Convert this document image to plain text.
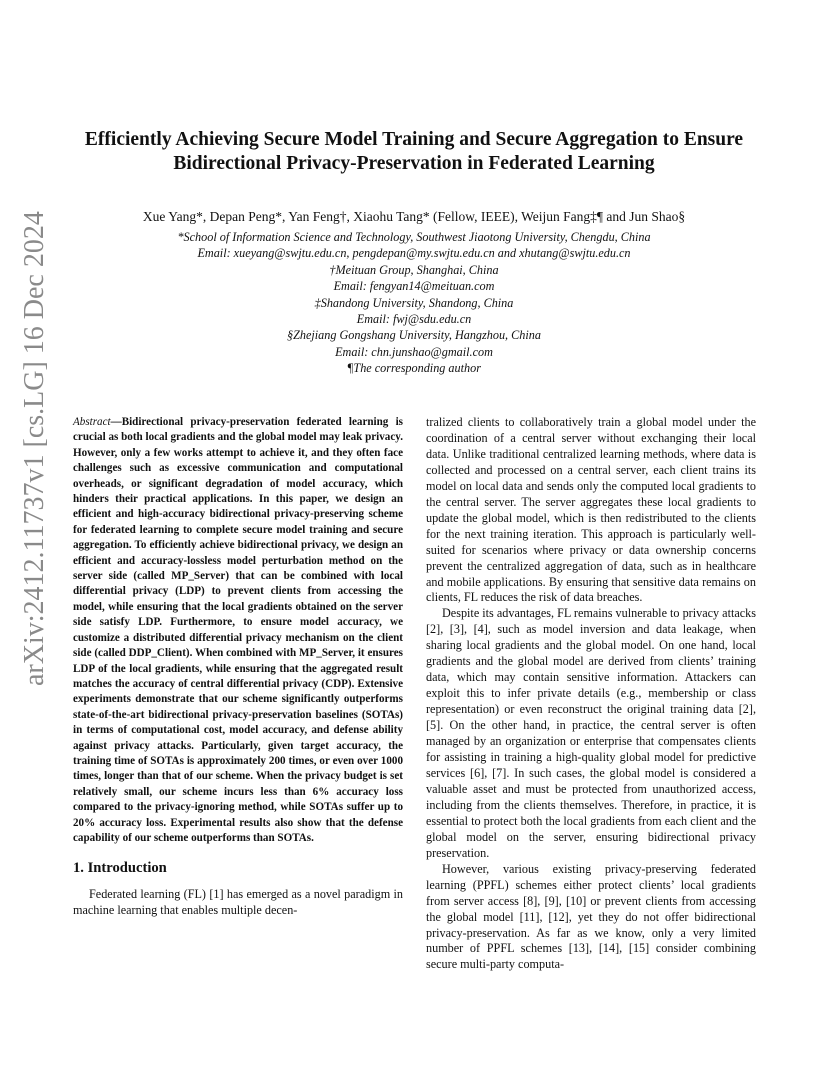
arXiv:2412.11737v1 [cs.LG] 16 Dec 2024
Efficiently Achieving Secure Model Training and Secure Aggregation to Ensure
Bidirectional Privacy-Preservation in Federated Learning
Xue Yang*, Depan Peng*, Yan Feng†, Xiaohu Tang* (Fellow, IEEE), Weijun Fang‡¶ and Jun Shao§
*School of Information Science and Technology, Southwest Jiaotong University, Chengdu, China
Email: xueyang@swjtu.edu.cn, pengdepan@my.swjtu.edu.cn and xhutang@swjtu.edu.cn
†Meituan Group, Shanghai, China
Email: fengyan14@meituan.com
‡Shandong University, Shandong, China
Email: fwj@sdu.edu.cn
§Zhejiang Gongshang University, Hangzhou, China
Email: chn.junshao@gmail.com
¶The corresponding author
Abstract—Bidirectional privacy-preservation federated learning is crucial as both local gradients and the global model may leak privacy. However, only a few works attempt to achieve it, and they often face challenges such as excessive communication and computational overheads, or significant degradation of model accuracy, which hinders their practical applications. In this paper, we design an efficient and high-accuracy bidirectional privacy-preserving scheme for federated learning to complete secure model training and secure aggregation. To efficiently achieve bidirectional privacy, we design an efficient and accuracy-lossless model perturbation method on the server side (called MP_Server) that can be combined with local differential privacy (LDP) to prevent clients from accessing the model, while ensuring that the local gradients obtained on the server side satisfy LDP. Furthermore, to ensure model accuracy, we customize a distributed differential privacy mechanism on the client side (called DDP_Client). When combined with MP_Server, it ensures LDP of the local gradients, while ensuring that the aggregated result matches the accuracy of central differential privacy (CDP). Extensive experiments demonstrate that our scheme significantly outperforms state-of-the-art bidirectional privacy-preservation baselines (SOTAs) in terms of computational cost, model accuracy, and defense ability against privacy attacks. Particularly, given target accuracy, the training time of SOTAs is approximately 200 times, or even over 1000 times, longer than that of our scheme. When the privacy budget is set relatively small, our scheme incurs less than 6% accuracy loss compared to the privacy-ignoring method, while SOTAs suffer up to 20% accuracy loss. Experimental results also show that the defense capability of our scheme outperforms than SOTAs.
1. Introduction

Federated learning (FL) [1] has emerged as a novel paradigm in machine learning that enables multiple decen-

tralized clients to collaboratively train a global model under the coordination of a central server without exchanging their local data. Unlike traditional centralized learning methods, where data is collected and processed on a central server, each client trains its model on local data and sends only the computed local gradients to the central server. The server aggregates these local gradients to update the global model, which is then redistributed to the clients for the next training iteration. This approach is particularly well-suited for scenarios where privacy or data ownership concerns prevent the centralized aggregation of data, such as in healthcare and mobile applications. By ensuring that sensitive data remains on clients, FL reduces the risk of data breaches.

Despite its advantages, FL remains vulnerable to privacy attacks [2], [3], [4], such as model inversion and data leakage, when sharing local gradients and the global model. On one hand, local gradients and the global model are derived from clients’ training data, which may contain sensitive information. Attackers can exploit this to infer private details (e.g., membership or class representation) or even reconstruct the original training data [2], [5]. On the other hand, in practice, the central server is often managed by an organization or enterprise that compensates clients for assisting in training a high-quality global model for predictive services [6], [7]. In such cases, the global model is considered a valuable asset and must be protected from unauthorized access, including from the clients themselves. Therefore, in practice, it is essential to protect both the local gradients from each client and the global model on the server, ensuring bidirectional privacy preservation.

However, various existing privacy-preserving federated learning (PPFL) schemes either protect clients’ local gradients from server access [8], [9], [10] or prevent clients from accessing the global model [11], [12], yet they do not offer bidirectional privacy-preservation. As far as we know, only a very limited number of PPFL schemes [13], [14], [15] consider combining secure multi-party computa-
